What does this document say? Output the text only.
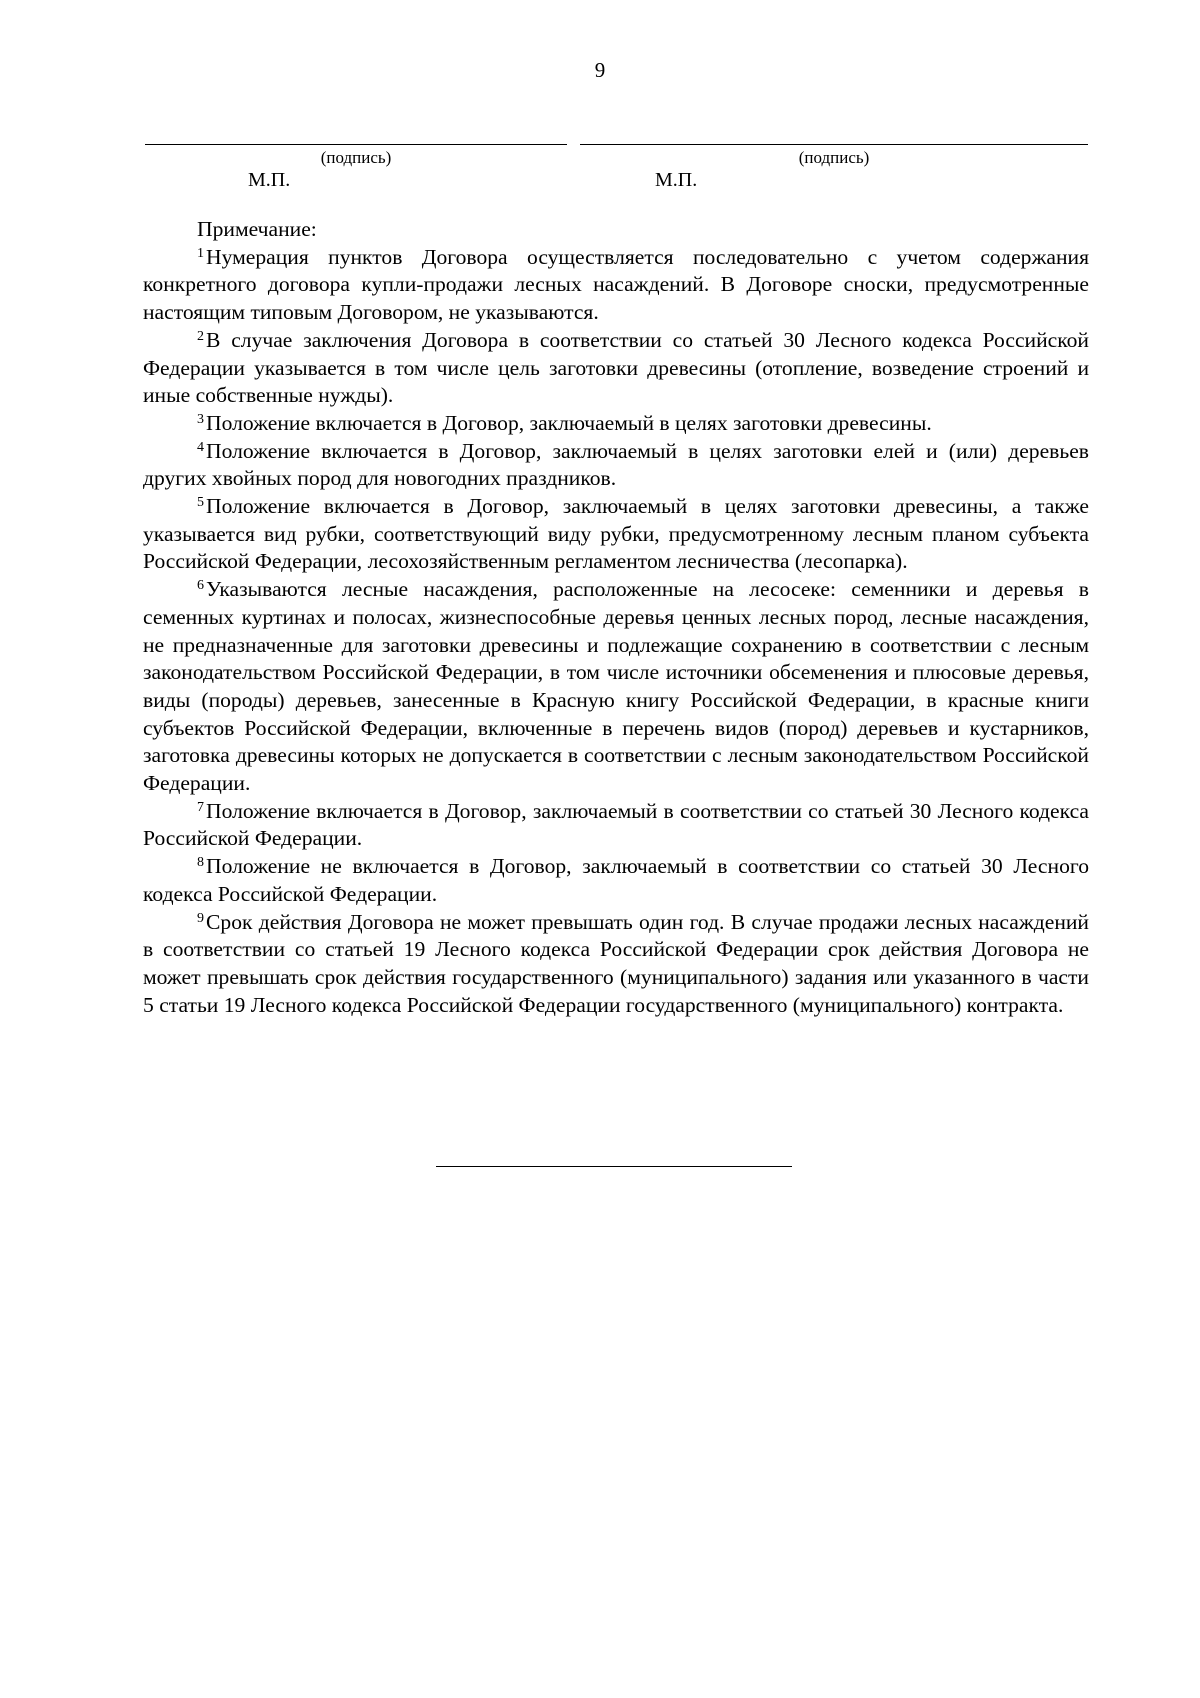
9
(подпись)
М.П.
(подпись)
М.П.

Примечание:

$^1$Нумерация пунктов Договора осуществляется последовательно с учетом содержания конкретного договора купли-продажи лесных насаждений. В Договоре сноски, предусмотренные настоящим типовым Договором, не указываются.

$^2$В случае заключения Договора в соответствии со статьей 30 Лесного кодекса Российской Федерации указывается в том числе цель заготовки древесины (отопление, возведение строений и иные собственные нужды).

$^3$Положение включается в Договор, заключаемый в целях заготовки древесины.

$^4$Положение включается в Договор, заключаемый в целях заготовки елей и (или) деревьев других хвойных пород для новогодних праздников.

$^5$Положение включается в Договор, заключаемый в целях заготовки древесины, а также указывается вид рубки, соответствующий виду рубки, предусмотренному лесным планом субъекта Российской Федерации, лесохозяйственным регламентом лесничества (лесопарка).

$^6$Указываются лесные насаждения, расположенные на лесосеке: семенники и деревья в семенных куртинах и полосах, жизнеспособные деревья ценных лесных пород, лесные насаждения, не предназначенные для заготовки древесины и подлежащие сохранению в соответствии с лесным законодательством Российской Федерации, в том числе источники обсеменения и плюсовые деревья, виды (породы) деревьев, занесенные в Красную книгу Российской Федерации, в красные книги субъектов Российской Федерации, включенные в перечень видов (пород) деревьев и кустарников, заготовка древесины которых не допускается в соответствии с лесным законодательством Российской Федерации.

$^7$Положение включается в Договор, заключаемый в соответствии со статьей 30 Лесного кодекса Российской Федерации.

$^8$Положение не включается в Договор, заключаемый в соответствии со статьей 30 Лесного кодекса Российской Федерации.

$^9$Срок действия Договора не может превышать один год. В случае продажи лесных насаждений в соответствии со статьей 19 Лесного кодекса Российской Федерации срок действия Договора не может превышать срок действия государственного (муниципального) задания или указанного в части 5 статьи 19 Лесного кодекса Российской Федерации государственного (муниципального) контракта.
